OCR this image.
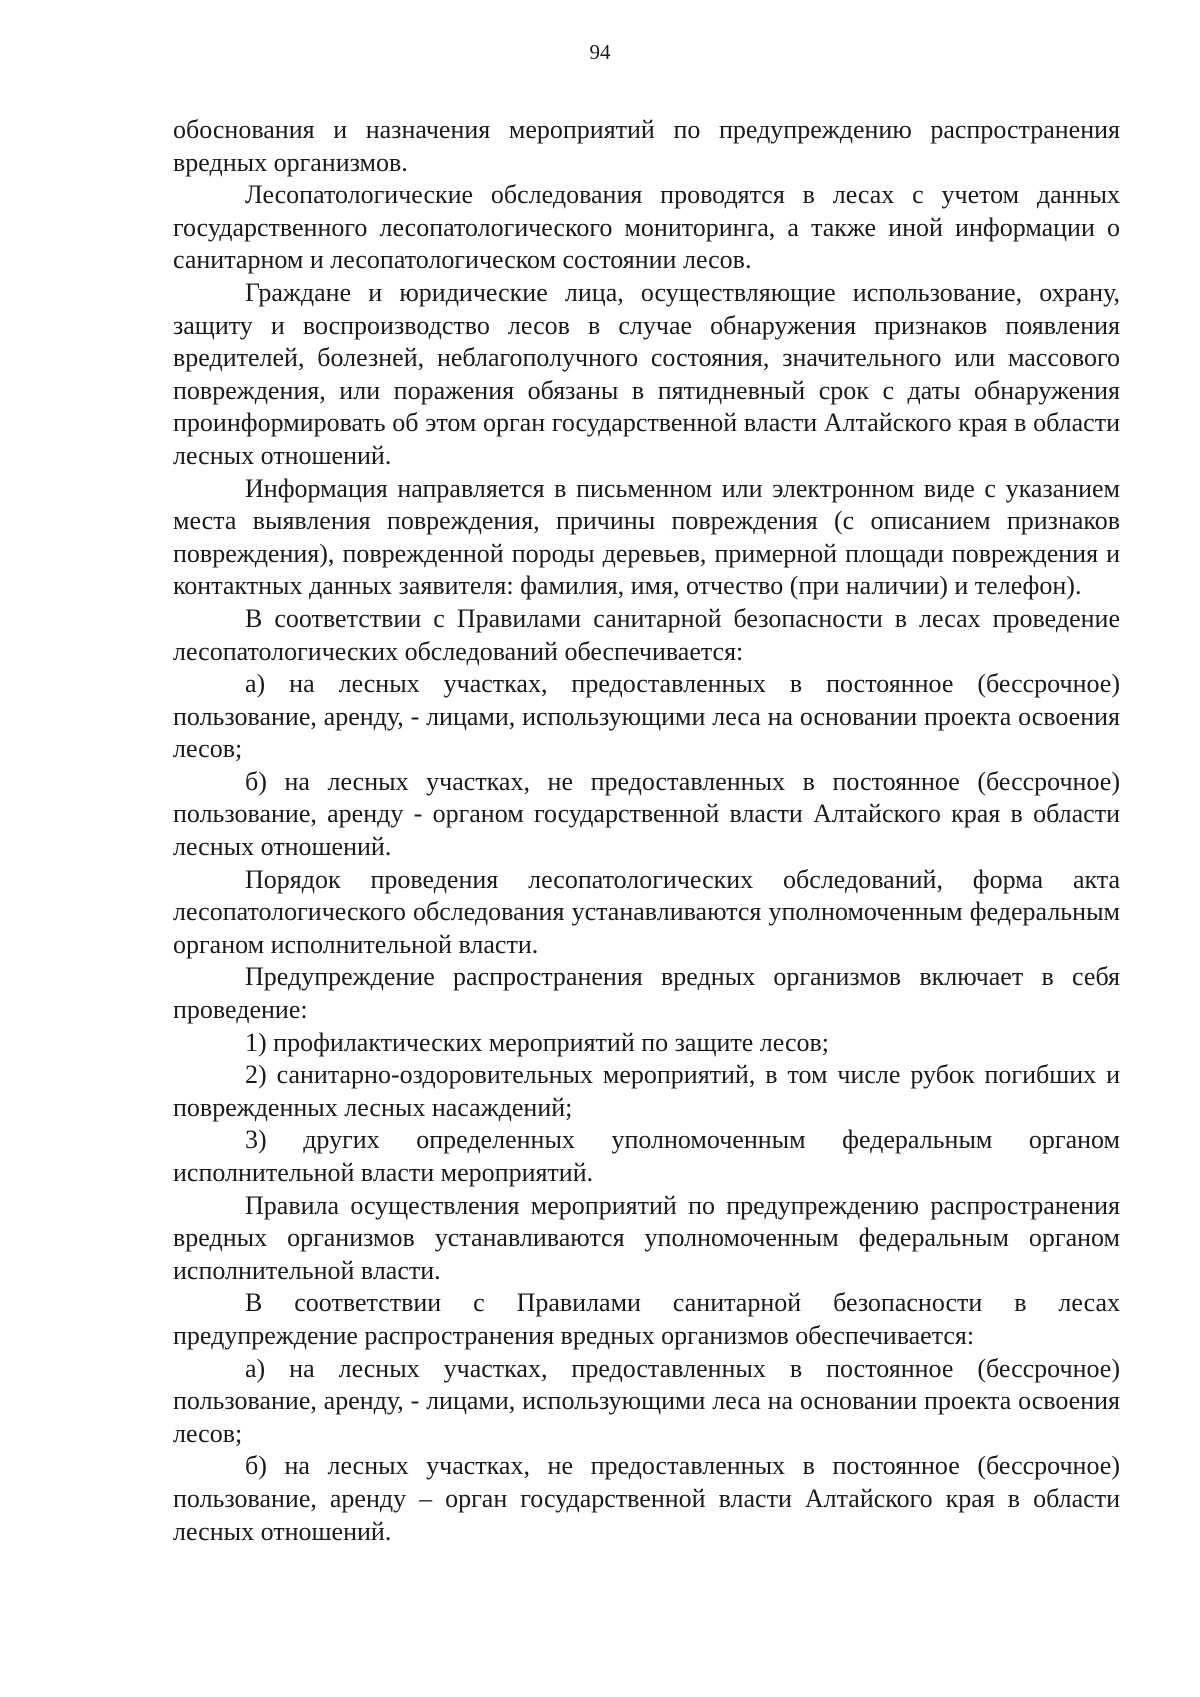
94

обоснования и назначения мероприятий по предупреждению распространения вредных организмов.

Лесопатологические обследования проводятся в лесах с учетом данных государственного лесопатологического мониторинга, а также иной информации о санитарном и лесопатологическом состоянии лесов.

Граждане и юридические лица, осуществляющие использование, охрану, защиту и воспроизводство лесов в случае обнаружения признаков появления вредителей, болезней, неблагополучного состояния, значительного или массового повреждения, или поражения обязаны в пятидневный срок с даты обнаружения проинформировать об этом орган государственной власти Алтайского края в области лесных отношений.

Информация направляется в письменном или электронном виде с указанием места выявления повреждения, причины повреждения (с описанием признаков повреждения), поврежденной породы деревьев, примерной площади повреждения и контактных данных заявителя: фамилия, имя, отчество (при наличии) и телефон).

В соответствии с Правилами санитарной безопасности в лесах проведение лесопатологических обследований обеспечивается:

а) на лесных участках, предоставленных в постоянное (бессрочное) пользование, аренду, - лицами, использующими леса на основании проекта освоения лесов;

б) на лесных участках, не предоставленных в постоянное (бессрочное) пользование, аренду - органом государственной власти Алтайского края в области лесных отношений.

Порядок проведения лесопатологических обследований, форма акта лесопатологического обследования устанавливаются уполномоченным федеральным органом исполнительной власти.

Предупреждение распространения вредных организмов включает в себя проведение:

1) профилактических мероприятий по защите лесов;

2) санитарно-оздоровительных мероприятий, в том числе рубок погибших и поврежденных лесных насаждений;

3) других определенных уполномоченным федеральным органом исполнительной власти мероприятий.

Правила осуществления мероприятий по предупреждению распространения вредных организмов устанавливаются уполномоченным федеральным органом исполнительной власти.

В соответствии с Правилами санитарной безопасности в лесах предупреждение распространения вредных организмов обеспечивается:

а) на лесных участках, предоставленных в постоянное (бессрочное) пользование, аренду, - лицами, использующими леса на основании проекта освоения лесов;

б) на лесных участках, не предоставленных в постоянное (бессрочное) пользование, аренду – орган государственной власти Алтайского края в области лесных отношений.
